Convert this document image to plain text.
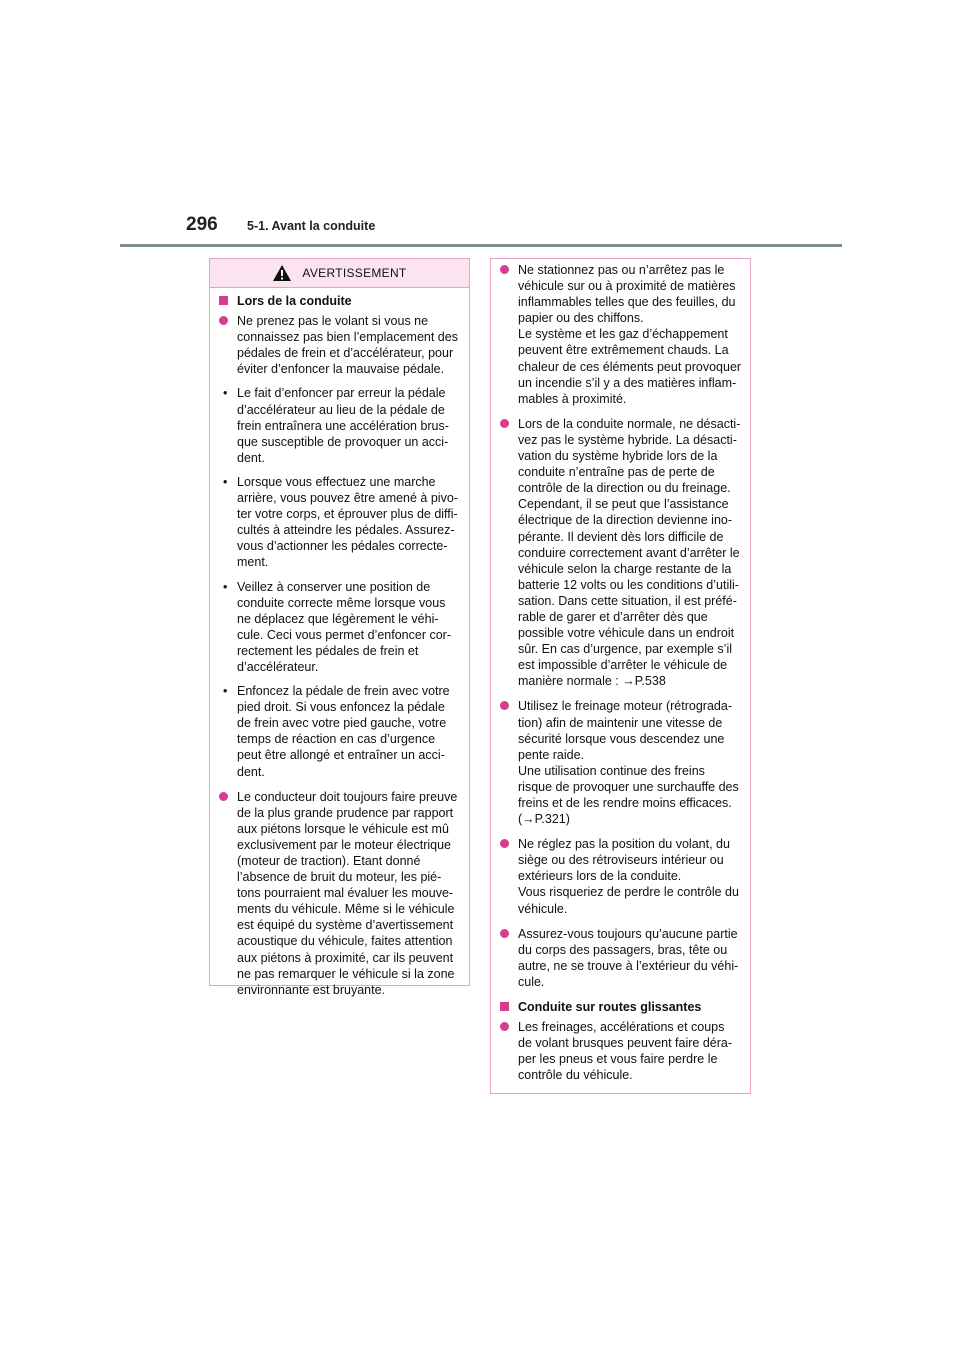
296 5-1. Avant la conduite
AVERTISSEMENT
Lors de la conduite
Ne prenez pas le volant si vous ne
connaissez pas bien l’emplacement des
pédales de frein et d’accélérateur, pour
éviter d’enfoncer la mauvaise pédale.
• Le fait d’enfoncer par erreur la pédale
d’accélérateur au lieu de la pédale de
frein entraînera une accélération brus-
que susceptible de provoquer un acci-
dent.
• Lorsque vous effectuez une marche
arrière, vous pouvez être amené à pivo-
ter votre corps, et éprouver plus de diffi-
cultés à atteindre les pédales. Assurez-
vous d’actionner les pédales correcte-
ment.
• Veillez à conserver une position de
conduite correcte même lorsque vous
ne déplacez que légèrement le véhi-
cule. Ceci vous permet d’enfoncer cor-
rectement les pédales de frein et
d’accélérateur.
• Enfoncez la pédale de frein avec votre
pied droit. Si vous enfoncez la pédale
de frein avec votre pied gauche, votre
temps de réaction en cas d’urgence
peut être allongé et entraîner un acci-
dent.
Le conducteur doit toujours faire preuve
de la plus grande prudence par rapport
aux piétons lorsque le véhicule est mû
exclusivement par le moteur électrique
(moteur de traction). Etant donné
l’absence de bruit du moteur, les pié-
tons pourraient mal évaluer les mouve-
ments du véhicule. Même si le véhicule
est équipé du système d’avertissement
acoustique du véhicule, faites attention
aux piétons à proximité, car ils peuvent
ne pas remarquer le véhicule si la zone
environnante est bruyante.
Ne stationnez pas ou n’arrêtez pas le
véhicule sur ou à proximité de matières
inflammables telles que des feuilles, du
papier ou des chiffons.
Le système et les gaz d’échappement
peuvent être extrêmement chauds. La
chaleur de ces éléments peut provoquer
un incendie s’il y a des matières inflam-
mables à proximité.
Lors de la conduite normale, ne désacti-
vez pas le système hybride. La désacti-
vation du système hybride lors de la
conduite n’entraîne pas de perte de
contrôle de la direction ou du freinage.
Cependant, il se peut que l’assistance
électrique de la direction devienne ino-
pérante. Il devient dès lors difficile de
conduire correctement avant d’arrêter le
véhicule selon la charge restante de la
batterie 12 volts ou les conditions d’utili-
sation. Dans cette situation, il est préfé-
rable de garer et d’arrêter dès que
possible votre véhicule dans un endroit
sûr. En cas d’urgence, par exemple s’il
est impossible d’arrêter le véhicule de
manière normale : →P.538
Utilisez le freinage moteur (rétrograda-
tion) afin de maintenir une vitesse de
sécurité lorsque vous descendez une
pente raide.
Une utilisation continue des freins
risque de provoquer une surchauffe des
freins et de les rendre moins efficaces.
(→P.321)
Ne réglez pas la position du volant, du
siège ou des rétroviseurs intérieur ou
extérieurs lors de la conduite.
Vous risqueriez de perdre le contrôle du
véhicule.
Assurez-vous toujours qu’aucune partie
du corps des passagers, bras, tête ou
autre, ne se trouve à l’extérieur du véhi-
cule.
Conduite sur routes glissantes
Les freinages, accélérations et coups
de volant brusques peuvent faire déra-
per les pneus et vous faire perdre le
contrôle du véhicule.
